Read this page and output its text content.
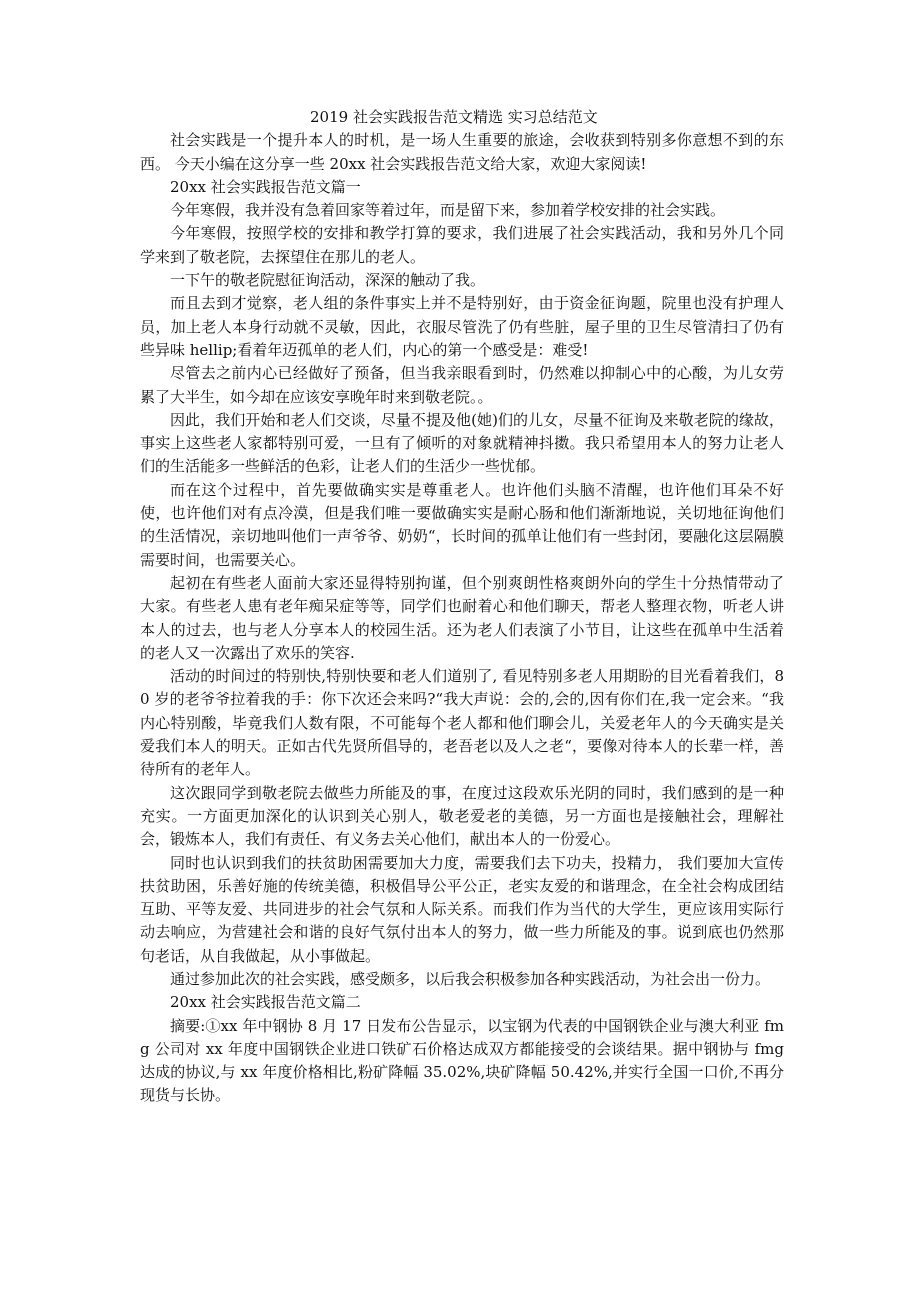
2019 社会实践报告范文精选 实习总结范文

社会实践是一个提升本人的时机，是一场人生重要的旅途，会收获到特别多你意想不到的东西。 今天小编在这分享一些 20xx 社会实践报告范文给大家，欢迎大家阅读!

20xx 社会实践报告范文篇一

今年寒假，我并没有急着回家等着过年，而是留下来，参加着学校安排的社会实践。

今年寒假，按照学校的安排和教学打算的要求，我们进展了社会实践活动，我和另外几个同学来到了敬老院，去探望住在那儿的老人。

一下午的敬老院慰征询活动，深深的触动了我。

而且去到才觉察，老人组的条件事实上并不是特别好，由于资金征询题，院里也没有护理人员，加上老人本身行动就不灵敏，因此，衣服尽管洗了仍有些脏，屋子里的卫生尽管清扫了仍有些异味 hellip;看着年迈孤单的老人们，内心的第一个感受是：难受!

尽管去之前内心已经做好了预备，但当我亲眼看到时，仍然难以抑制心中的心酸，为儿女劳累了大半生，如今却在应该安享晚年时来到敬老院。。

因此，我们开始和老人们交谈，尽量不提及他(她)们的儿女，尽量不征询及来敬老院的缘故，事实上这些老人家都特别可爱，一旦有了倾听的对象就精神抖擞。我只希望用本人的努力让老人们的生活能多一些鲜活的色彩，让老人们的生活少一些忧郁。

而在这个过程中，首先要做确实实是尊重老人。也许他们头脑不清醒，也许他们耳朵不好使，也许他们对有点冷漠，但是我们唯一要做确实实是耐心肠和他们渐渐地说，关切地征询他们的生活情况，亲切地叫他们一声爷爷、奶奶“，长时间的孤单让他们有一些封闭，要融化这层隔膜需要时间，也需要关心。

起初在有些老人面前大家还显得特别拘谨，但个别爽朗性格爽朗外向的学生十分热情带动了大家。有些老人患有老年痴呆症等等，同学们也耐着心和他们聊天，帮老人整理衣物，听老人讲本人的过去，也与老人分享本人的校园生活。还为老人们表演了小节目，让这些在孤单中生活着的老人又一次露出了欢乐的笑容.

活动的时间过的特别快,特别快要和老人们道别了, 看见特别多老人用期盼的目光看着我们，80 岁的老爷爷拉着我的手：你下次还会来吗?“我大声说：会的,会的,因有你们在,我一定会来。“我内心特别酸，毕竟我们人数有限，不可能每个老人都和他们聊会儿，关爱老年人的今天确实是关爱我们本人的明天。正如古代先贤所倡导的，老吾老以及人之老“，要像对待本人的长辈一样，善待所有的老年人。

这次跟同学到敬老院去做些力所能及的事，在度过这段欢乐光阴的同时，我们感到的是一种充实。一方面更加深化的认识到关心别人，敬老爱老的美德，另一方面也是接触社会，理解社会，锻炼本人，我们有责任、有义务去关心他们，献出本人的一份爱心。

同时也认识到我们的扶贫助困需要加大力度，需要我们去下功夫，投精力， 我们要加大宣传扶贫助困，乐善好施的传统美德，积极倡导公平公正，老实友爱的和谐理念，在全社会构成团结互助、平等友爱、共同进步的社会气氛和人际关系。而我们作为当代的大学生，更应该用实际行动去响应，为营建社会和谐的良好气氛付出本人的努力，做一些力所能及的事。说到底也仍然那句老话，从自我做起，从小事做起。

通过参加此次的社会实践，感受颇多，以后我会积极参加各种实践活动，为社会出一份力。

20xx 社会实践报告范文篇二

摘要:①xx 年中钢协 8 月 17 日发布公告显示，以宝钢为代表的中国钢铁企业与澳大利亚 fmg 公司对 xx 年度中国钢铁企业进口铁矿石价格达成双方都能接受的会谈结果。据中钢协与 fmg 达成的协议,与 xx 年度价格相比,粉矿降幅 35.02%,块矿降幅 50.42%,并实行全国一口价,不再分现货与长协。
